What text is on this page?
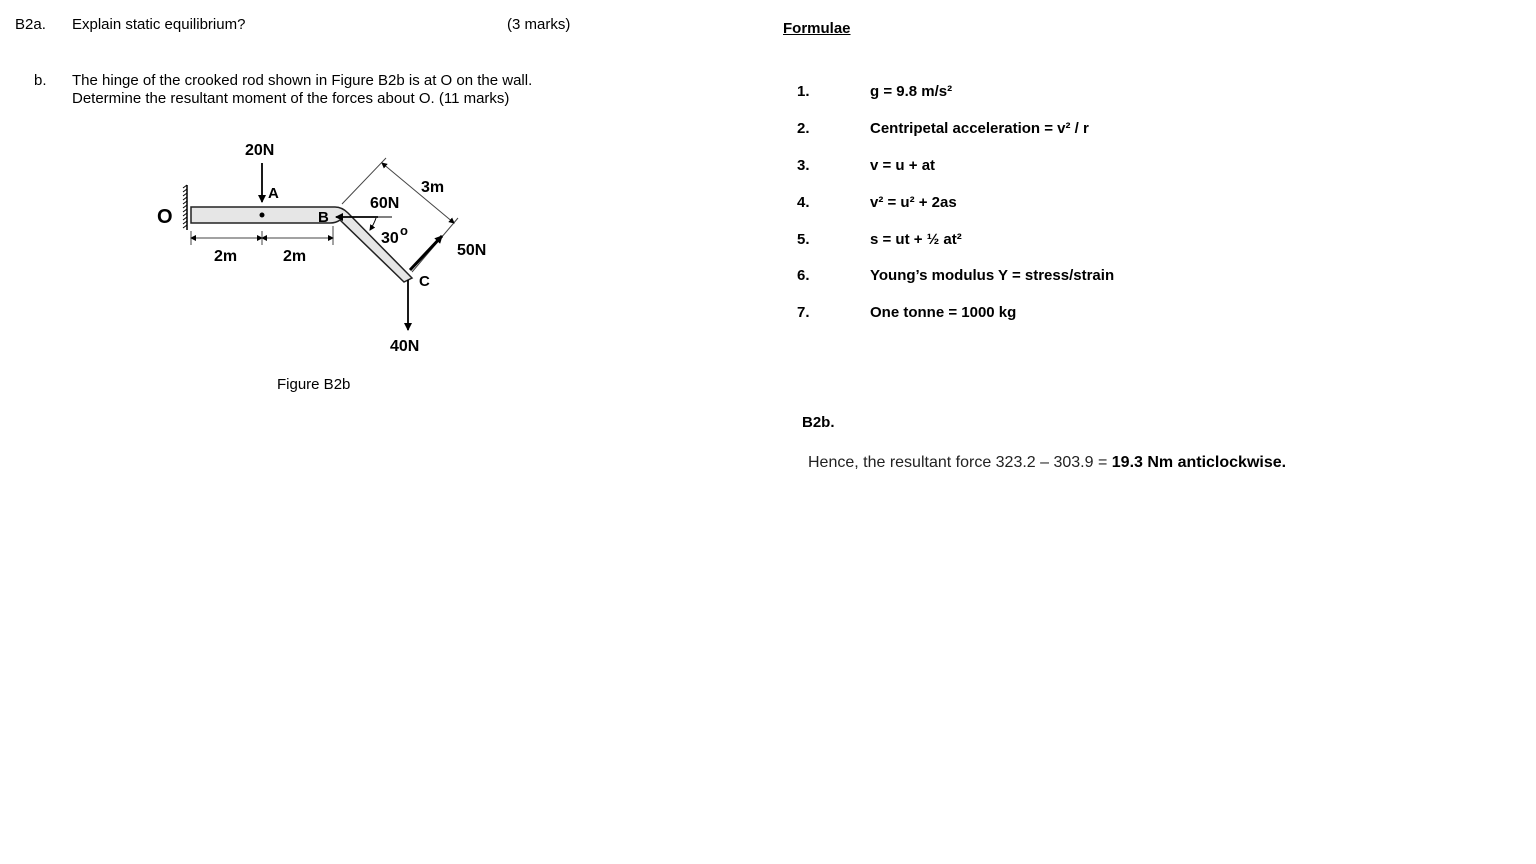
B2a. Explain static equilibrium?	(3 marks)
b. The hinge of the crooked rod shown in Figure B2b is at O on the wall.
Determine the resultant moment of the forces about O. (11 marks)
O
A
B
C
20N
60N
50N
40N
3m
2m	2m
30 o
Figure B2b
Formulae
1.	g = 9.8 m/s²
2.	Centripetal acceleration = v² / r
3.	v = u + at
4.	v² = u² + 2as
5.	s = ut + ½ at²
6.	Young’s modulus Y = stress/strain
7.	One tonne = 1000 kg
B2b.
Hence, the resultant force 323.2 – 303.9 = 19.3 Nm anticlockwise.
